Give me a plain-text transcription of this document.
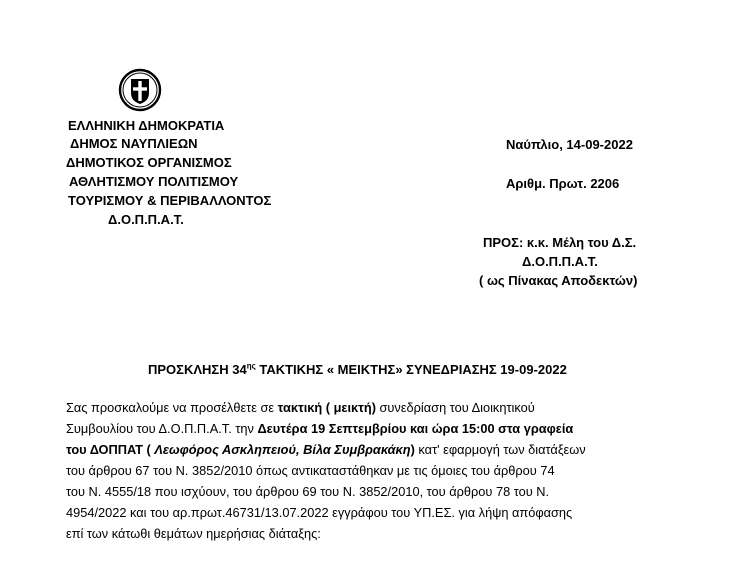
ΕΛΛΗΝΙΚΗ ΔΗΜΟΚΡΑΤΙΑ
ΔΗΜΟΣ ΝΑΥΠΛΙΕΩΝ
ΔΗΜΟΤΙΚΟΣ ΟΡΓΑΝΙΣΜΟΣ
ΑΘΛΗΤΙΣΜΟΥ ΠΟΛΙΤΙΣΜΟΥ
ΤΟΥΡΙΣΜΟΥ & ΠΕΡΙΒΑΛΛΟΝΤΟΣ
Δ.Ο.Π.Π.Α.Τ.
Ναύπλιο, 14-09-2022
Αριθμ. Πρωτ. 2206
ΠΡΟΣ: κ.κ. Μέλη του Δ.Σ.
Δ.Ο.Π.Π.Α.Τ.
( ως Πίνακας Αποδεκτών)
ΠΡΟΣΚΛΗΣΗ $34^{\eta\varsigma}$ ΤΑΚΤΙΚΗΣ « ΜΕΙΚΤΗΣ» ΣΥΝΕΔΡΙΑΣΗΣ 19-09-2022
Σας προσκαλούμε να προσέλθετε σε τακτική ( μεικτή) συνεδρίαση του Διοικητικού
Συμβουλίου του Δ.Ο.Π.Π.Α.Τ. την Δευτέρα 19 Σεπτεμβρίου και ώρα 15:00 στα γραφεία
του ΔΟΠΠΑΤ ( Λεωφόρος Ασκληπειού, Βίλα Συμβρακάκη) κατ' εφαρμογή των διατάξεων
του άρθρου 67 του Ν. 3852/2010 όπως αντικαταστάθηκαν με τις όμοιες του άρθρου 74
του Ν. 4555/18 που ισχύουν, του άρθρου 69 του Ν. 3852/2010, του άρθρου 78 του Ν.
4954/2022 και του αρ.πρωτ.46731/13.07.2022 εγγράφου του ΥΠ.ΕΣ. για λήψη απόφασης
επί των κάτωθι θεμάτων ημερήσιας διάταξης:
